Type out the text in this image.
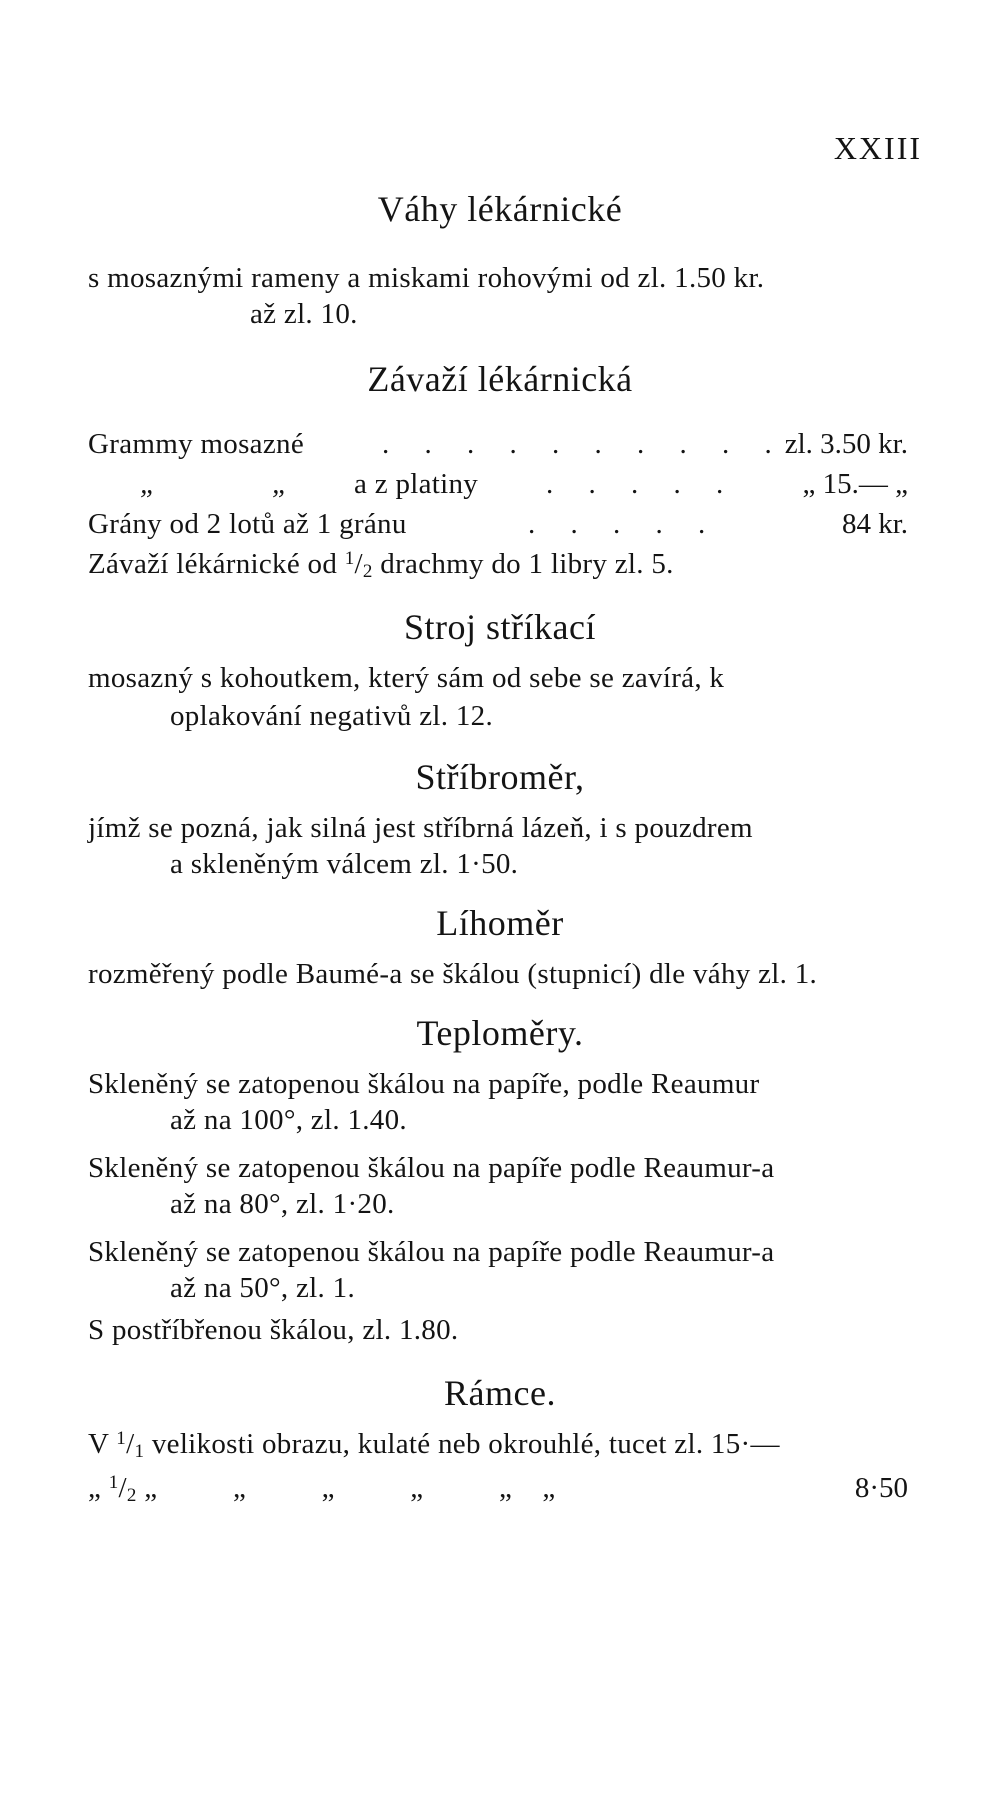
XXIII
Váhy lékárnické
s mosaznými rameny a miskami rohovými od zl. 1.50 kr.
až zl. 10.
Závaží lékárnická
Grammy mosazné	. . . . . . . . . . zl. 3.50 kr.
„	„ a z platiny . . . . . „ 15.— „
Grány od 2 lotů až 1 gránu	. . . . .	84 kr.
Závaží lékárnické od $^1/_2$ drachmy do 1 libry zl. 5.
Stroj stříkací
mosazný s kohoutkem, který sám od sebe se zavírá, k
oplakování negativů zl. 12.
Stříbroměr,
jímž se pozná, jak silná jest stříbrná lázeň, i s pouzdrem
a skleněným válcem zl. 1·50.
Líhoměr
rozměřený podle Baumé-a se škálou (stupnicí) dle váhy zl. 1.
Teploměry.
Skleněný se zatopenou škálou na papíře, podle Reaumur
až na 100°, zl. 1.40.
Skleněný se zatopenou škálou na papíře podle Reaumur-a
až na 80°, zl. 1·20.
Skleněný se zatopenou škálou na papíře podle Reaumur-a
až na 50°, zl. 1.
S postříbřenou škálou, zl. 1.80.
Rámce.
V $^1/_1$ velikosti obrazu, kulaté neb okrouhlé, tucet zl. 15·—
„ $^1/_2$ „          „          „          „          „    „	8·50
